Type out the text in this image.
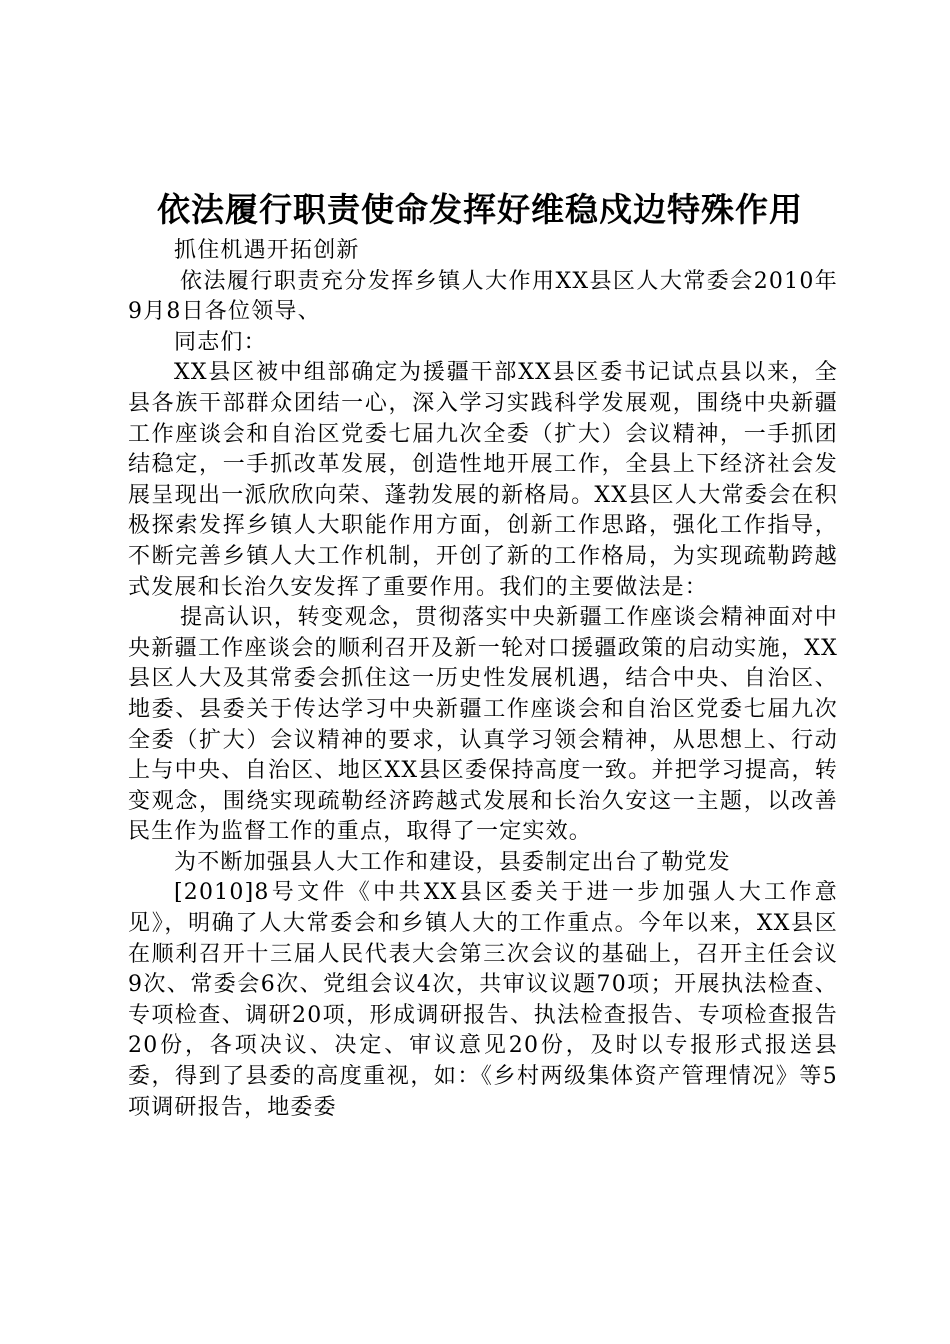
依法履行职责使命发挥好维稳戍边特殊作用

抓住机遇开拓创新

依法履行职责充分发挥乡镇人大作用XX县区人大常委会2010年9月8日各位领导、

同志们：

XX县区被中组部确定为援疆干部XX县区委书记试点县以来，全县各族干部群众团结一心，深入学习实践科学发展观，围绕中央新疆工作座谈会和自治区党委七届九次全委（扩大）会议精神，一手抓团结稳定，一手抓改革发展，创造性地开展工作，全县上下经济社会发展呈现出一派欣欣向荣、蓬勃发展的新格局。XX县区人大常委会在积极探索发挥乡镇人大职能作用方面，创新工作思路，强化工作指导，不断完善乡镇人大工作机制，开创了新的工作格局，为实现疏勒跨越式发展和长治久安发挥了重要作用。我们的主要做法是：

提高认识，转变观念，贯彻落实中央新疆工作座谈会精神面对中央新疆工作座谈会的顺利召开及新一轮对口援疆政策的启动实施，XX县区人大及其常委会抓住这一历史性发展机遇，结合中央、自治区、地委、县委关于传达学习中央新疆工作座谈会和自治区党委七届九次全委（扩大）会议精神的要求，认真学习领会精神，从思想上、行动上与中央、自治区、地区XX县区委保持高度一致。并把学习提高，转变观念，围绕实现疏勒经济跨越式发展和长治久安这一主题，以改善民生作为监督工作的重点，取得了一定实效。

为不断加强县人大工作和建设，县委制定出台了勒党发

[2010]8号文件《中共XX县区委关于进一步加强人大工作意见》，明确了人大常委会和乡镇人大的工作重点。今年以来，XX县区在顺利召开十三届人民代表大会第三次会议的基础上，召开主任会议9次、常委会6次、党组会议4次，共审议议题70项；开展执法检查、专项检查、调研20项，形成调研报告、执法检查报告、专项检查报告20份，各项决议、决定、审议意见20份，及时以专报形式报送县委，得到了县委的高度重视，如：《乡村两级集体资产管理情况》等5项调研报告，地委委
